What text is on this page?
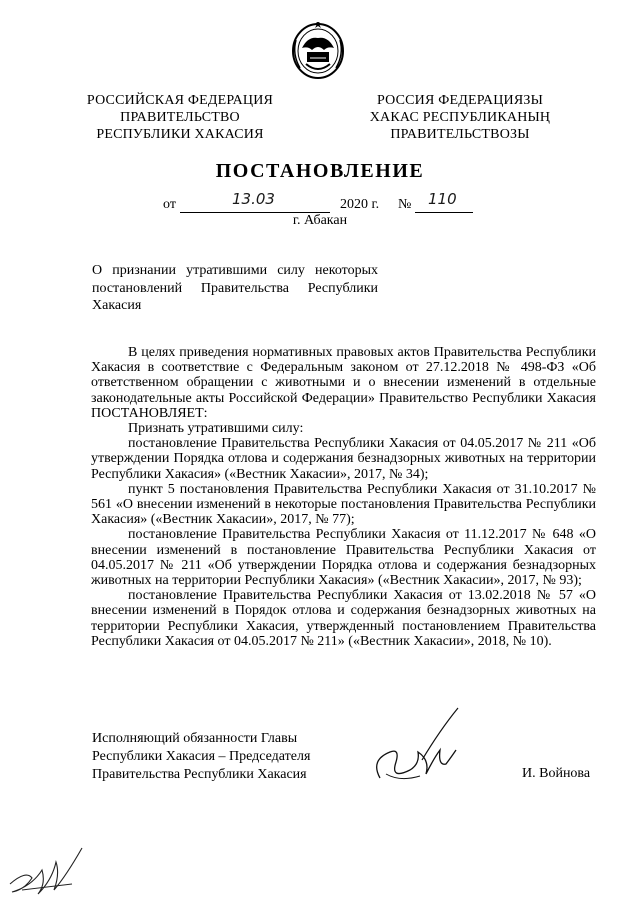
РОССИЙСКАЯ ФЕДЕРАЦИЯ
ПРАВИТЕЛЬСТВО
РЕСПУБЛИКИ ХАКАСИЯ
РОССИЯ ФЕДЕРАЦИЯЗЫ
ХАКАС РЕСПУБЛИКАНЫҢ
ПРАВИТЕЛЬСТВОЗЫ
ПОСТАНОВЛЕНИЕ
от	13.03	2020 г. № 110
г. Абакан
О признании утратившими силу некоторых
постановлений Правительства Республики
Хакасия

В целях приведения нормативных правовых актов Правительства Республики Хакасия в соответствие с Федеральным законом от 27.12.2018 № 498-ФЗ «Об ответственном обращении с животными и о внесении изменений в отдельные законодательные акты Российской Федерации» Правительство Республики Хакасия ПОСТАНОВЛЯЕТ:

Признать утратившими силу:

постановление Правительства Республики Хакасия от 04.05.2017 № 211 «Об утверждении Порядка отлова и содержания безнадзорных животных на территории Республики Хакасия» («Вестник Хакасии», 2017, № 34);

пункт 5 постановления Правительства Республики Хакасия от 31.10.2017 № 561 «О внесении изменений в некоторые постановления Правительства Республики Хакасия» («Вестник Хакасии», 2017, № 77);

постановление Правительства Республики Хакасия от 11.12.2017 № 648 «О внесении изменений в постановление Правительства Республики Хакасия от 04.05.2017 № 211 «Об утверждении Порядка отлова и содержания безнадзорных животных на территории Республики Хакасия» («Вестник Хакасии», 2017, № 93);

постановление Правительства Республики Хакасия от 13.02.2018 № 57 «О внесении изменений в Порядок отлова и содержания безнадзорных животных на территории Республики Хакасия, утвержденный постановлением Правительства Республики Хакасия от 04.05.2017 № 211» («Вестник Хакасии», 2018, № 10).

Исполняющий обязанности Главы
Республики Хакасия – Председателя
Правительства Республики Хакасия	И. Войнова
